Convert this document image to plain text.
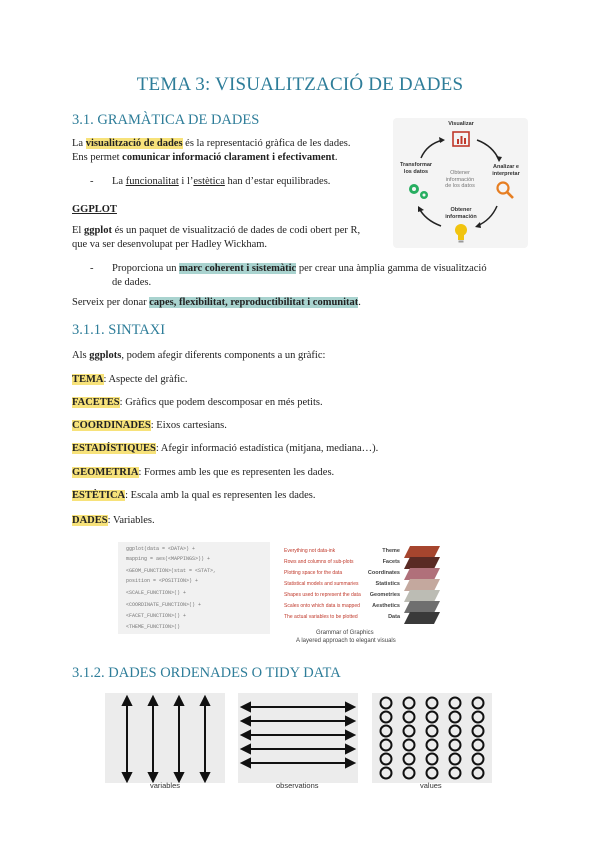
TEMA 3: VISUALITZACIÓ DE DADES
3.1. GRAMÀTICA DE DADES
La visualització de dades és la representació gràfica de les dades.
Ens permet comunicar informació clarament i efectivament.
- La funcionalitat i l’estètica han d’estar equilibrades.
GGPLOT
El ggplot és un paquet de visualització de dades de codi obert per R,
que va ser desenvolupat per Hadley Wickham.
- Proporciona un marc coherent i sistemàtic per crear una àmplia gamma de visualització
de dades.
Serveix per donar capes, flexibilitat, reproductibilitat i comunitat.
Visualizar
Analizar e
interpretar
Transformar
los datos	Obtener
información
de los datos
Obtener
información
3.1.1. SINTAXI
Als ggplots, podem afegir diferents components a un gràfic:
TEMA: Aspecte del gràfic.
FACETES: Gràfics que podem descomposar en més petits.
COORDINADES: Eixos cartesians.
ESTADÍSTIQUES: Afegir informació estadística (mitjana, mediana…).
GEOMETRIA: Formes amb les que es representen les dades.
ESTÈTICA: Escala amb la qual es representen les dades.
DADES: Variables.
ggplot(data = <DATA>) +
mapping = aes(<MAPPINGS>)) +
<GEOM_FUNCTION>(stat = <STAT>,
position = <POSITION>) +
<SCALE_FUNCTION>() +
<COORDINATE_FUNCTION>() +
<FACET_FUNCTION>() +
<THEME_FUNCTION>()
Everything not data-ink
Rows and columns of sub-plots
Plotting space for the data
Statistical models and summaries
Shapes used to represent the data
Scales onto which data is mapped
The actual variables to be plotted
Theme
Facets
Coordinates
Statistics
Geometries
Aesthetics
Data
Grammar of Graphics
A layered approach to elegant visuals
3.1.2. DADES ORDENADES O TIDY DATA
variables	observations	values
